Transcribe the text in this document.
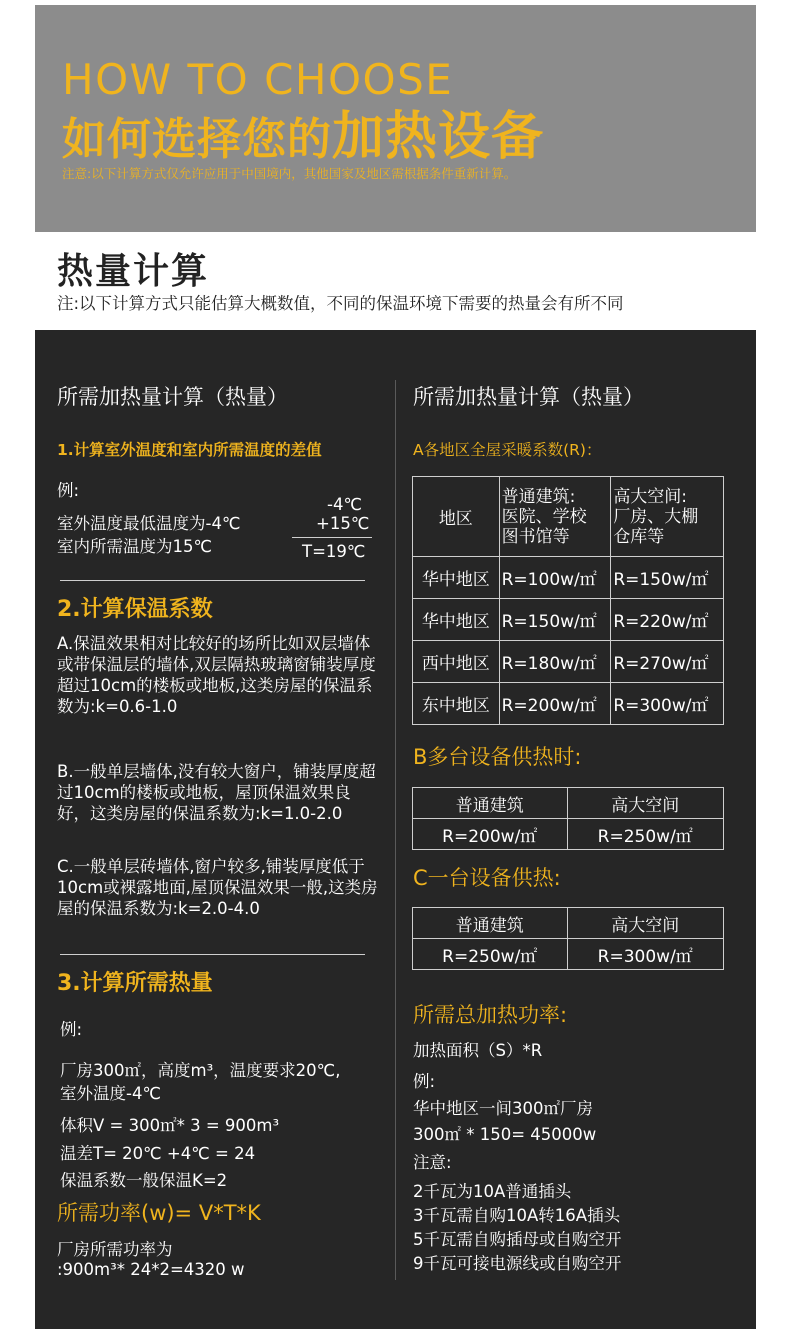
HOW TO CHOOSE
如何选择您的加热设备
注意:以下计算方式仅允许应用于中国境内，其他国家及地区需根据条件重新计算。
热量计算
注:以下计算方式只能估算大概数值，不同的保温环境下需要的热量会有所不同
所需加热量计算（热量）
1.计算室外温度和室内所需温度的差值
例:
室外温度最低温度为-4℃
室内所需温度为15℃
-4℃
+15℃
T=19℃
2.计算保温系数
A.保温效果相对比较好的场所比如双层墙体或带保温层的墙体,双层隔热玻璃窗铺装厚度超过10cm的楼板或地板,这类房屋的保温系数为:k=0.6-1.0
B.一般单层墙体,没有较大窗户，铺装厚度超过10cm的楼板或地板，屋顶保温效果良好，这类房屋的保温系数为:k=1.0-2.0
C.一般单层砖墙体,窗户较多,铺装厚度低于10cm或裸露地面,屋顶保温效果一般,这类房屋的保温系数为:k=2.0-4.0
3.计算所需热量
例:
厂房300㎡，高度m³，温度要求20℃,
室外温度-4℃
体积V = 300㎡* 3 = 900m³
温差T= 20℃ +4℃ = 24
保温系数一般保温K=2
所需功率(w)= V*T*K
厂房所需功率为
:900m³* 24*2=4320 w
所需加热量计算（热量）
A各地区全屋采暖系数(R)：
地区	普通建筑:
医院、学校
图书馆等	高大空间:
厂房、大棚
仓库等
华中地区	R=100w/㎡	R=150w/㎡
华中地区	R=150w/㎡	R=220w/㎡
西中地区	R=180w/㎡	R=270w/㎡
东中地区	R=200w/㎡	R=300w/㎡
B多台设备供热时:
普通建筑	高大空间
R=200w/㎡	R=250w/㎡
C一台设备供热:
普通建筑	高大空间
R=250w/㎡	R=300w/㎡
所需总加热功率:
加热面积（S）*R
例:
华中地区一间300㎡厂房
300㎡ * 150= 45000w
注意:
2千瓦为10A普通插头
3千瓦需自购10A转16A插头
5千瓦需自购插母或自购空开
9千瓦可接电源线或自购空开
